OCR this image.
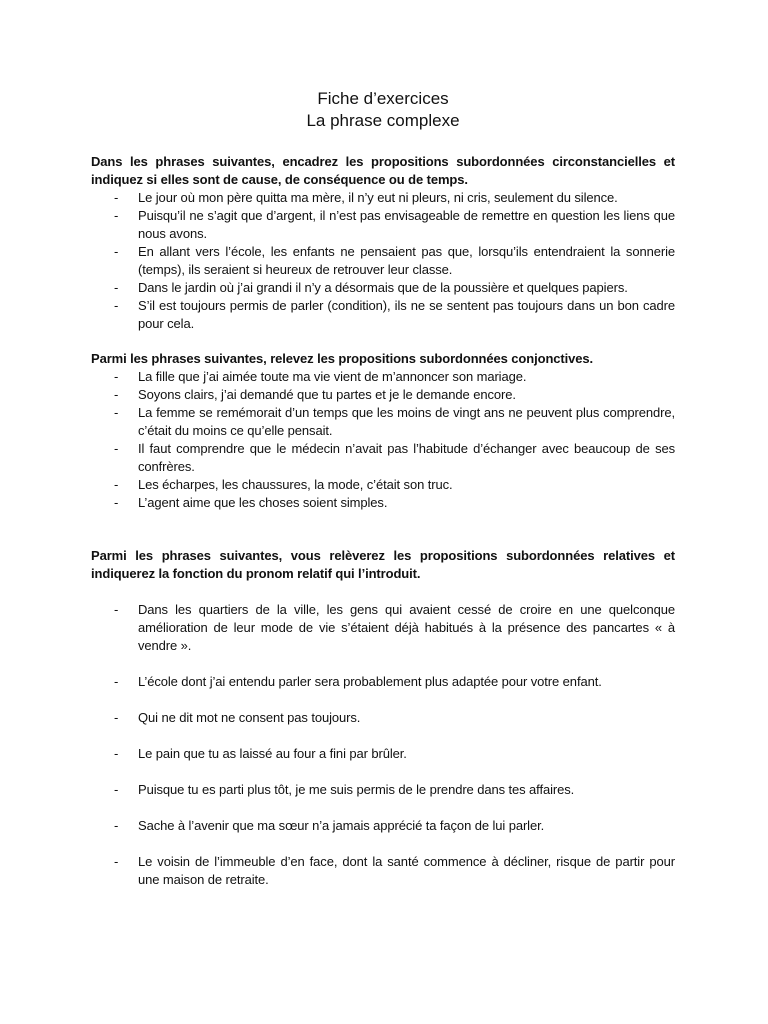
Fiche d’exercices
La phrase complexe

Dans les phrases suivantes, encadrez les propositions subordonnées circonstancielles et indiquez si elles sont de cause, de conséquence ou de temps.

- Le jour où mon père quitta ma mère, il n’y eut ni pleurs, ni cris, seulement du silence.
- Puisqu’il ne s’agit que d’argent, il n’est pas envisageable de remettre en question les liens que nous avons.
- En allant vers l’école, les enfants ne pensaient pas que, lorsqu’ils entendraient la sonnerie (temps), ils seraient si heureux de retrouver leur classe.
- Dans le jardin où j’ai grandi il n’y a désormais que de la poussière et quelques papiers.
- S’il est toujours permis de parler (condition), ils ne se sentent pas toujours dans un bon cadre pour cela.

Parmi les phrases suivantes, relevez les propositions subordonnées conjonctives.

- La fille que j’ai aimée toute ma vie vient de m’annoncer son mariage.
- Soyons clairs, j’ai demandé que tu partes et je le demande encore.
- La femme se remémorait d’un temps que les moins de vingt ans ne peuvent plus comprendre, c’était du moins ce qu’elle pensait.
- Il faut comprendre que le médecin n’avait pas l’habitude d’échanger avec beaucoup de ses confrères.
- Les écharpes, les chaussures, la mode, c’était son truc.
- L’agent aime que les choses soient simples.

Parmi les phrases suivantes, vous relèverez les propositions subordonnées relatives et indiquerez la fonction du pronom relatif qui l’introduit.

- Dans les quartiers de la ville, les gens qui avaient cessé de croire en une quelconque amélioration de leur mode de vie s’étaient déjà habitués à la présence des pancartes « à vendre ».
- L’école dont j’ai entendu parler sera probablement plus adaptée pour votre enfant.
- Qui ne dit mot ne consent pas toujours.
- Le pain que tu as laissé au four a fini par brûler.
- Puisque tu es parti plus tôt, je me suis permis de le prendre dans tes affaires.
- Sache à l’avenir que ma sœur n’a jamais apprécié ta façon de lui parler.
- Le voisin de l’immeuble d’en face, dont la santé commence à décliner, risque de partir pour une maison de retraite.
